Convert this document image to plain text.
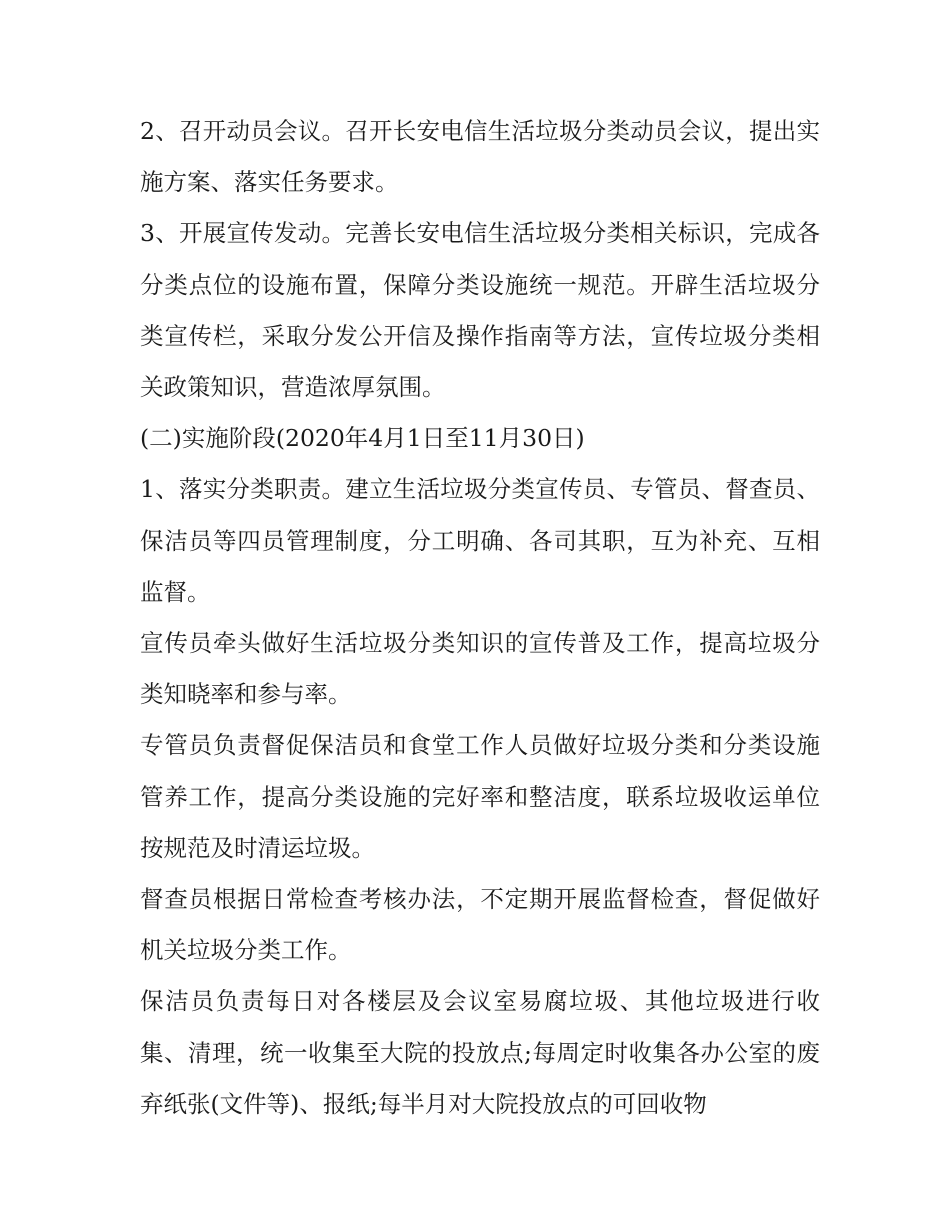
2、召开动员会议。召开长安电信生活垃圾分类动员会议，提出实施方案、落实任务要求。

3、开展宣传发动。完善长安电信生活垃圾分类相关标识，完成各分类点位的设施布置，保障分类设施统一规范。开辟生活垃圾分类宣传栏，采取分发公开信及操作指南等方法，宣传垃圾分类相关政策知识，营造浓厚氛围。

(二)实施阶段(2020年4月1日至11月30日)

1、落实分类职责。建立生活垃圾分类宣传员、专管员、督查员、保洁员等四员管理制度，分工明确、各司其职，互为补充、互相监督。

宣传员牵头做好生活垃圾分类知识的宣传普及工作，提高垃圾分类知晓率和参与率。

专管员负责督促保洁员和食堂工作人员做好垃圾分类和分类设施管养工作，提高分类设施的完好率和整洁度，联系垃圾收运单位按规范及时清运垃圾。

督查员根据日常检查考核办法，不定期开展监督检查，督促做好机关垃圾分类工作。

保洁员负责每日对各楼层及会议室易腐垃圾、其他垃圾进行收集、清理，统一收集至大院的投放点;每周定时收集各办公室的废弃纸张(文件等)、报纸;每半月对大院投放点的可回收物
